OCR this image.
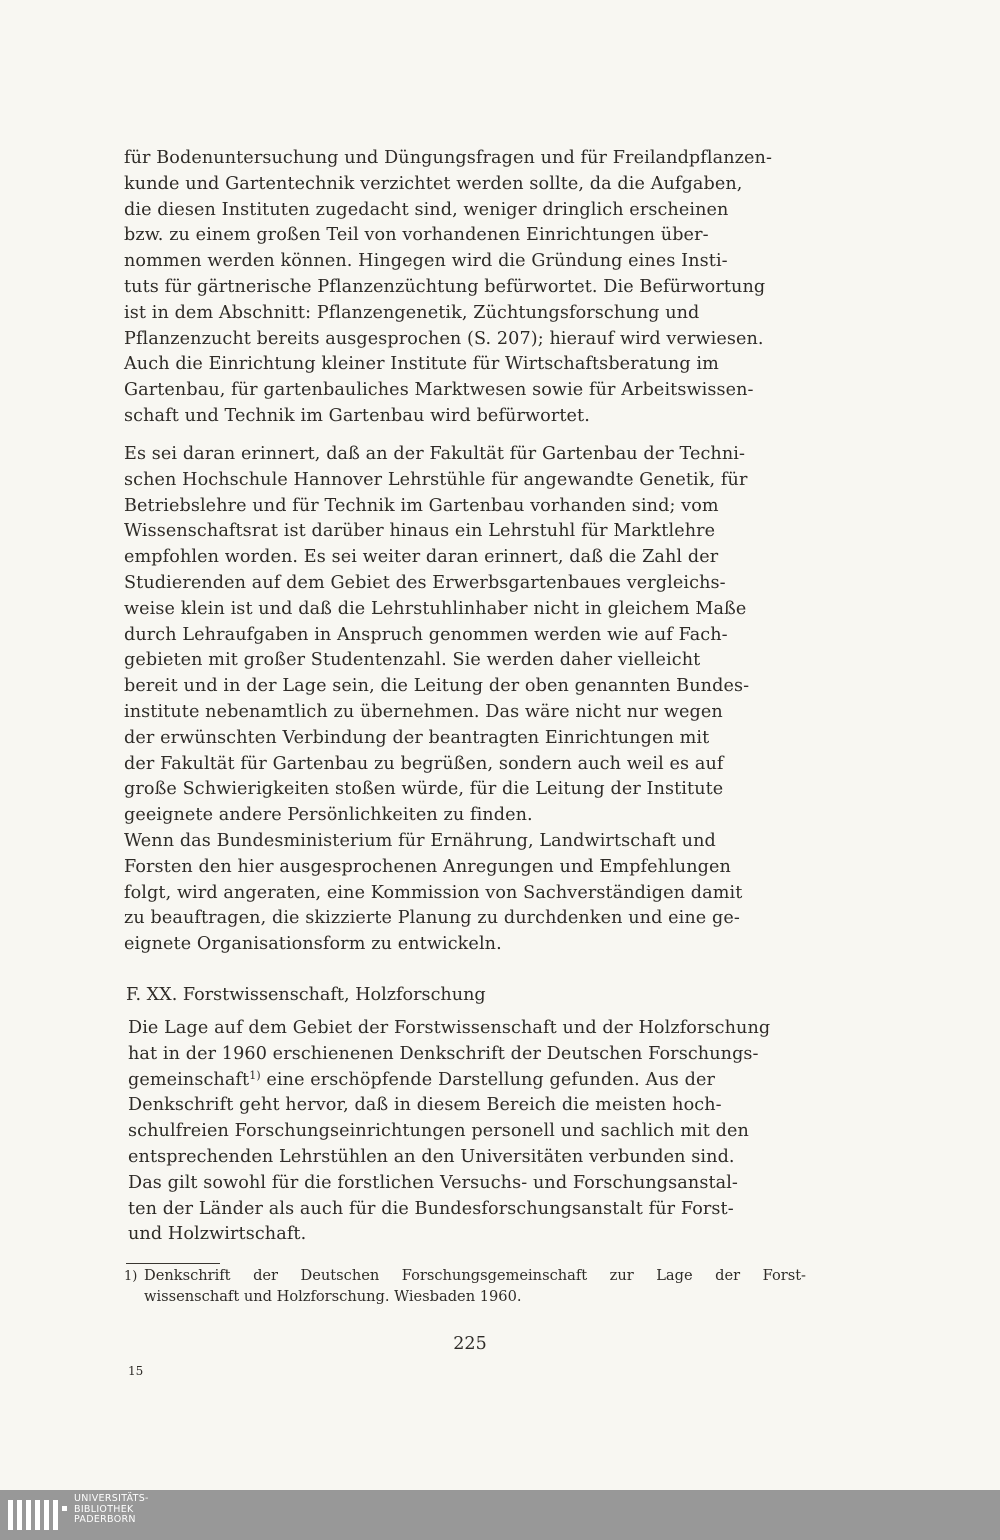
für Bodenuntersuchung und Düngungsfragen und für Freilandpflanzen-
kunde und Gartentechnik verzichtet werden sollte, da die Aufgaben,
die diesen Instituten zugedacht sind, weniger dringlich erscheinen
bzw. zu einem großen Teil von vorhandenen Einrichtungen über-
nommen werden können. Hingegen wird die Gründung eines Insti-
tuts für gärtnerische Pflanzenzüchtung befürwortet. Die Befürwortung
ist in dem Abschnitt: Pflanzengenetik, Züchtungsforschung und
Pflanzenzucht bereits ausgesprochen (S. 207); hierauf wird verwiesen.
Auch die Einrichtung kleiner Institute für Wirtschaftsberatung im
Gartenbau, für gartenbauliches Marktwesen sowie für Arbeitswissen-
schaft und Technik im Gartenbau wird befürwortet.

Es sei daran erinnert, daß an der Fakultät für Gartenbau der Techni-
schen Hochschule Hannover Lehrstühle für angewandte Genetik, für
Betriebslehre und für Technik im Gartenbau vorhanden sind; vom
Wissenschaftsrat ist darüber hinaus ein Lehrstuhl für Marktlehre
empfohlen worden. Es sei weiter daran erinnert, daß die Zahl der
Studierenden auf dem Gebiet des Erwerbsgartenbaues vergleichs-
weise klein ist und daß die Lehrstuhlinhaber nicht in gleichem Maße
durch Lehraufgaben in Anspruch genommen werden wie auf Fach-
gebieten mit großer Studentenzahl. Sie werden daher vielleicht
bereit und in der Lage sein, die Leitung der oben genannten Bundes-
institute nebenamtlich zu übernehmen. Das wäre nicht nur wegen
der erwünschten Verbindung der beantragten Einrichtungen mit
der Fakultät für Gartenbau zu begrüßen, sondern auch weil es auf
große Schwierigkeiten stoßen würde, für die Leitung der Institute
geeignete andere Persönlichkeiten zu finden.

Wenn das Bundesministerium für Ernährung, Landwirtschaft und
Forsten den hier ausgesprochenen Anregungen und Empfehlungen
folgt, wird angeraten, eine Kommission von Sachverständigen damit
zu beauftragen, die skizzierte Planung zu durchdenken und eine ge-
eignete Organisationsform zu entwickeln.

F. XX. Forstwissenschaft, Holzforschung

Die Lage auf dem Gebiet der Forstwissenschaft und der Holzforschung
hat in der 1960 erschienenen Denkschrift der Deutschen Forschungs-
gemeinschaft$^{1)}$ eine erschöpfende Darstellung gefunden. Aus der
Denkschrift geht hervor, daß in diesem Bereich die meisten hoch-
schulfreien Forschungseinrichtungen personell und sachlich mit den
entsprechenden Lehrstühlen an den Universitäten verbunden sind.
Das gilt sowohl für die forstlichen Versuchs- und Forschungsanstal-
ten der Länder als auch für die Bundesforschungsanstalt für Forst-
und Holzwirtschaft.

1) Denkschrift der Deutschen Forschungsgemeinschaft zur Lage der Forst-
wissenschaft und Holzforschung. Wiesbaden 1960.
225
15
UNIVERSITÄTS-
BIBLIOTHEK
PADERBORN
